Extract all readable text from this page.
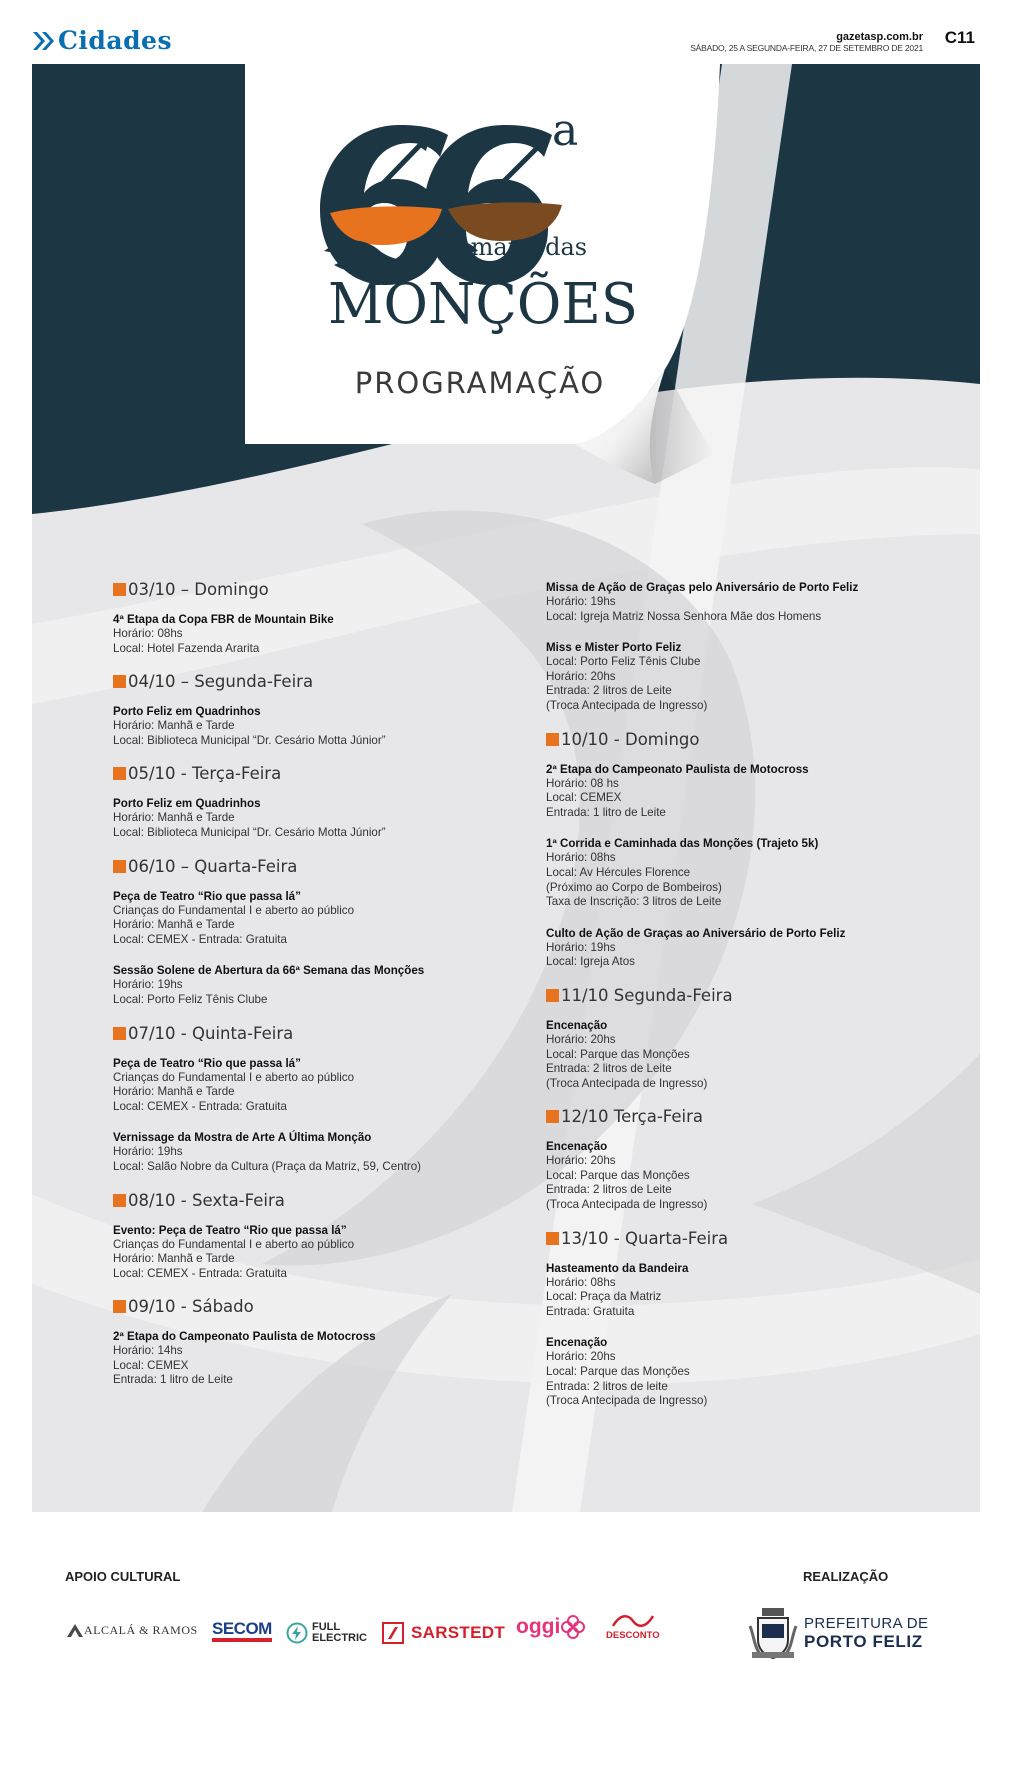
Cidades	gazetasp.com.br
SÁBADO, 25 A SEGUNDA-FEIRA, 27 DE SETEMBRO DE 2021
C11
a
Semana das
MONÇÕES
66ª
PROGRAMAÇÃO
03/10 – Domingo
4ª Etapa da Copa FBR de Mountain Bike
Horário: 08hs
Local: Hotel Fazenda Ararita
04/10 – Segunda-Feira
Porto Feliz em Quadrinhos
Horário: Manhã e Tarde
Local: Biblioteca Municipal “Dr. Cesário Motta Júnior”
05/10 - Terça-Feira
Porto Feliz em Quadrinhos
Horário: Manhã e Tarde
Local: Biblioteca Municipal “Dr. Cesário Motta Júnior”
06/10 – Quarta-Feira
Peça de Teatro “Rio que passa lá”
Crianças do Fundamental I e aberto ao público
Horário: Manhã e Tarde
Local: CEMEX - Entrada: Gratuita
Sessão Solene de Abertura da 66ª Semana das Monções
Horário: 19hs
Local: Porto Feliz Tênis Clube
07/10 - Quinta-Feira
Peça de Teatro “Rio que passa lá”
Crianças do Fundamental I e aberto ao público
Horário: Manhã e Tarde
Local: CEMEX - Entrada: Gratuita
Vernissage da Mostra de Arte A Última Monção
Horário: 19hs
Local: Salão Nobre da Cultura (Praça da Matriz, 59, Centro)
08/10 - Sexta-Feira
Evento: Peça de Teatro “Rio que passa lá”
Crianças do Fundamental I e aberto ao público
Horário: Manhã e Tarde
Local: CEMEX - Entrada: Gratuita
09/10 - Sábado
2ª Etapa do Campeonato Paulista de Motocross
Horário: 14hs
Local: CEMEX
Entrada: 1 litro de Leite
Missa de Ação de Graças pelo Aniversário de Porto Feliz
Horário: 19hs
Local: Igreja Matriz Nossa Senhora Mãe dos Homens
Miss e Mister Porto Feliz
Local: Porto Feliz Tênis Clube
Horário: 20hs
Entrada: 2 litros de Leite
(Troca Antecipada de Ingresso)
10/10 - Domingo
2ª Etapa do Campeonato Paulista de Motocross
Horário: 08 hs
Local: CEMEX
Entrada: 1 litro de Leite
1ª Corrida e Caminhada das Monções (Trajeto 5k)
Horário: 08hs
Local: Av Hércules Florence
(Próximo ao Corpo de Bombeiros)
Taxa de Inscrição: 3 litros de Leite
Culto de Ação de Graças ao Aniversário de Porto Feliz
Horário: 19hs
Local: Igreja Atos
11/10 Segunda-Feira
Encenação
Horário: 20hs
Local: Parque das Monções
Entrada: 2 litros de Leite
(Troca Antecipada de Ingresso)
12/10 Terça-Feira
Encenação
Horário: 20hs
Local: Parque das Monções
Entrada: 2 litros de Leite
(Troca Antecipada de Ingresso)
13/10 - Quarta-Feira
Hasteamento da Bandeira
Horário: 08hs
Local: Praça da Matriz
Entrada: Gratuita
Encenação
Horário: 20hs
Local: Parque das Monções
Entrada: 2 litros de leite
(Troca Antecipada de Ingresso)
APOIO CULTURAL	REALIZAÇÃO
ALCALÁ & RAMOS SECOM	FULL
ELECTRIC	SARSTEDT oggi	DESCONTO
PREFEITURA DE
PORTO FELIZ
